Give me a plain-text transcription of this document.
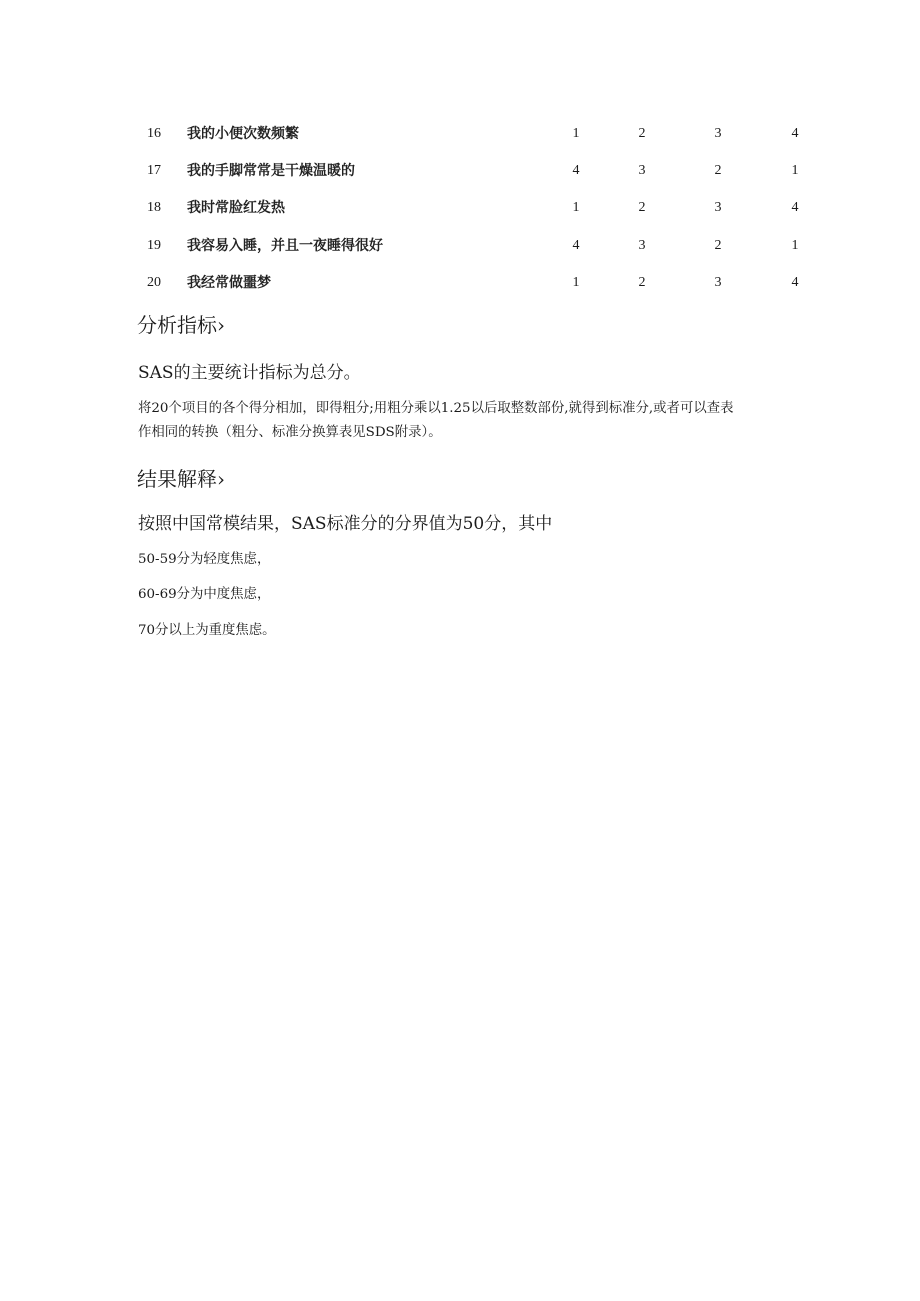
16 我的小便次数频繁	1	2	3	4
17 我的手脚常常是干燥温暖的	4	3	2	1
18 我时常脸红发热	1	2	3	4
19 我容易入睡，并且一夜睡得很好	4	3	2	1
20 我经常做噩梦	1	2	3	4
分析指标›
SAS的主要统计指标为总分。
将20个项目的各个得分相加，即得粗分;用粗分乘以1.25以后取整数部份,就得到标准分,或者可以查表
作相同的转换（粗分、标准分换算表见SDS附录）。
结果解释›
按照中国常模结果，SAS标准分的分界值为50分，其中
50-59分为轻度焦虑，
60-69分为中度焦虑，
70分以上为重度焦虑。
